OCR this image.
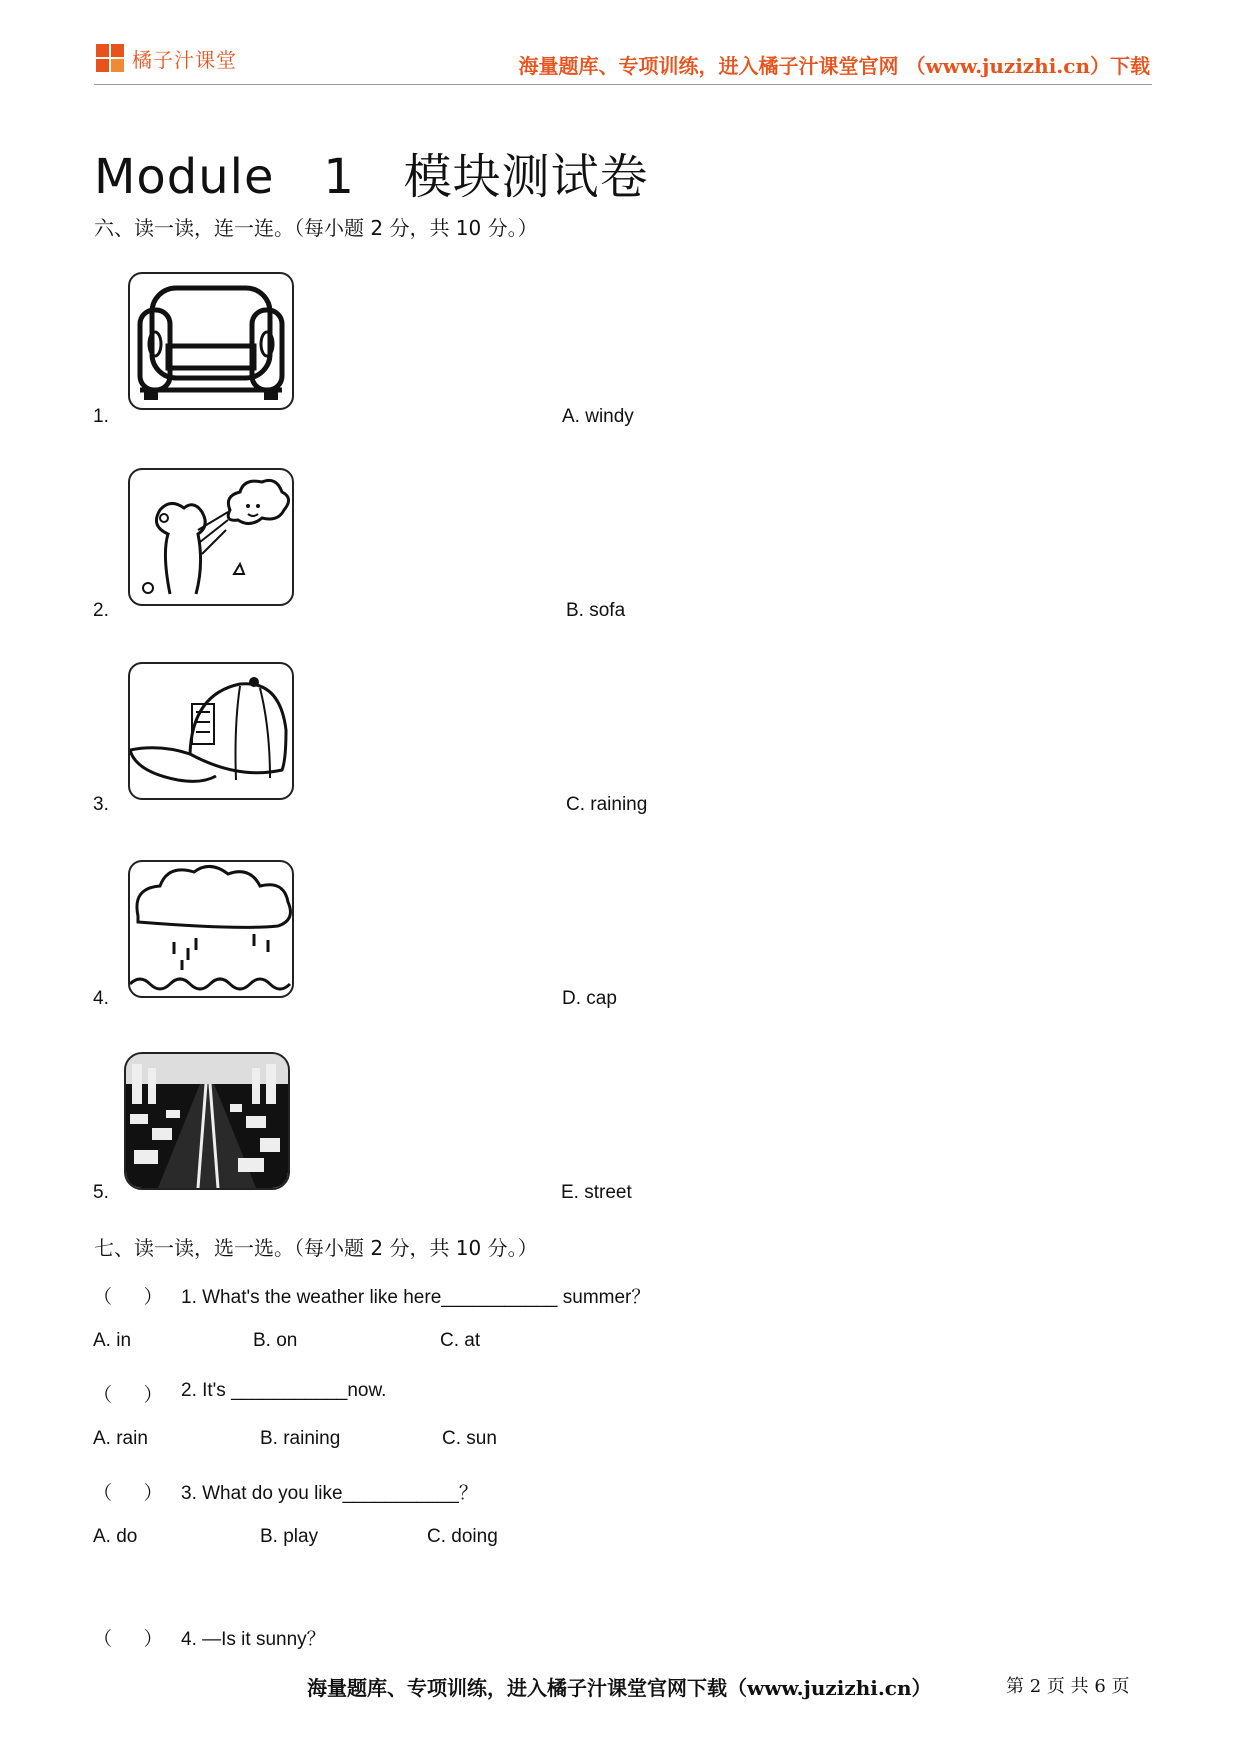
橘子汁课堂	海量题库、专项训练，进入橘子汁课堂官网 （www.juzizhi.cn）下载
Module   1   模块测试卷
六、读一读，连一连。（每小题 2 分，共 10 分。）
1.	A. windy
2.	B. sofa
3.	C. raining
4.	D. cap
5.	E. street
七、读一读，选一选。（每小题 2 分，共 10 分。）
（      ） 1. What's the weather like here___________ summer？
A. in	B. on	C. at
（      ） 2. It's ___________now.
A. rain	B. raining	C. sun
（      ） 3. What do you like___________？
A. do	B. play	C. doing
（      ） 4. —Is it sunny？
海量题库、专项训练，进入橘子汁课堂官网下载（www.juzizhi.cn）	第 2 页 共 6 页
